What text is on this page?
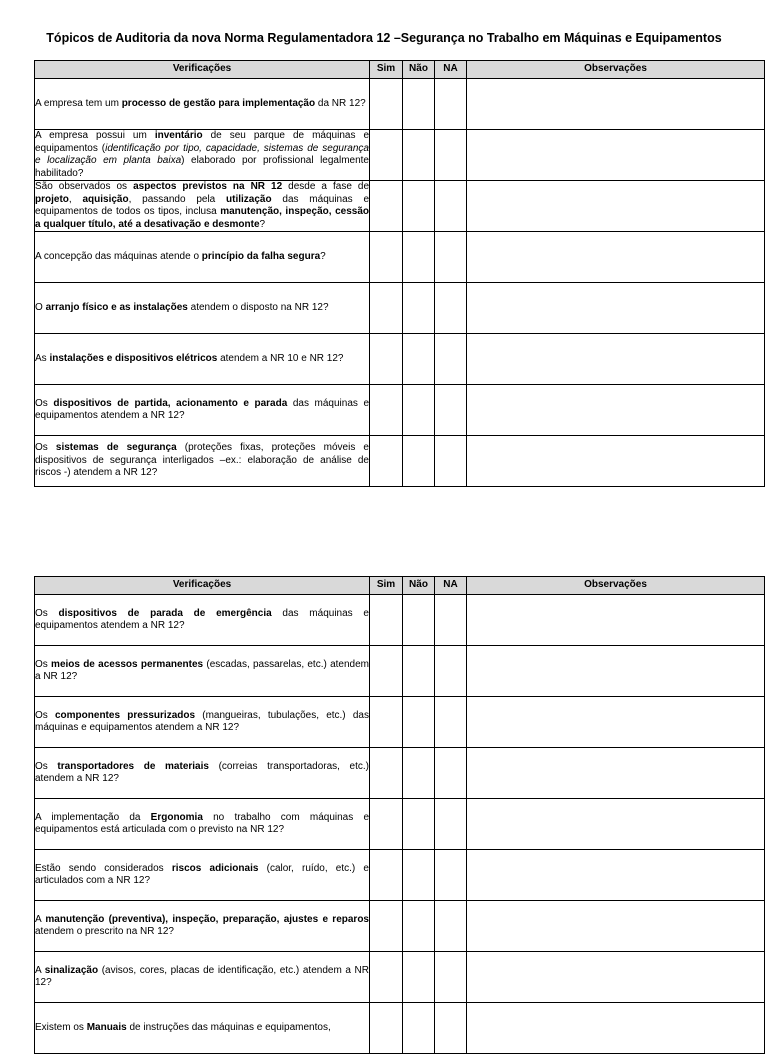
Tópicos de Auditoria da nova Norma Regulamentadora 12 –Segurança no Trabalho em Máquinas e Equipamentos
Verificações	Sim	Não	NA	Observações
A empresa tem um processo de gestão para implementação da NR 12?				
A empresa possui um inventário de seu parque de máquinas e equipamentos (identificação por tipo, capacidade, sistemas de segurança e localização em planta baixa) elaborado por profissional legalmente habilitado?				
São observados os aspectos previstos na NR 12 desde a fase de projeto, aquisição, passando pela utilização das máquinas e equipamentos de todos os tipos, inclusa manutenção, inspeção, cessão a qualquer título, até a desativação e desmonte?				
A concepção das máquinas atende o princípio da falha segura?				
O arranjo físico e as instalações atendem o disposto na NR 12?				
As instalações e dispositivos elétricos atendem a NR 10 e NR 12?				
Os dispositivos de partida, acionamento e parada das máquinas e equipamentos atendem a NR 12?				
Os sistemas de segurança (proteções fixas, proteções móveis e dispositivos de segurança interligados –ex.: elaboração de análise de riscos -) atendem a NR 12?				
Verificações	Sim	Não	NA	Observações
Os dispositivos de parada de emergência das máquinas e equipamentos atendem a NR 12?				
Os meios de acessos permanentes (escadas, passarelas, etc.) atendem a NR 12?				
Os componentes pressurizados (mangueiras, tubulações, etc.) das máquinas e equipamentos atendem a NR 12?				
Os transportadores de materiais (correias transportadoras, etc.) atendem a NR 12?				
A implementação da Ergonomia no trabalho com máquinas e equipamentos está articulada com o previsto na NR 12?				
Estão sendo considerados riscos adicionais (calor, ruído, etc.) e articulados com a NR 12?				
A manutenção (preventiva), inspeção, preparação, ajustes e reparos atendem o prescrito na NR 12?				
A sinalização (avisos, cores, placas de identificação, etc.) atendem a NR 12?				
Existem os Manuais de instruções das máquinas e equipamentos,				
